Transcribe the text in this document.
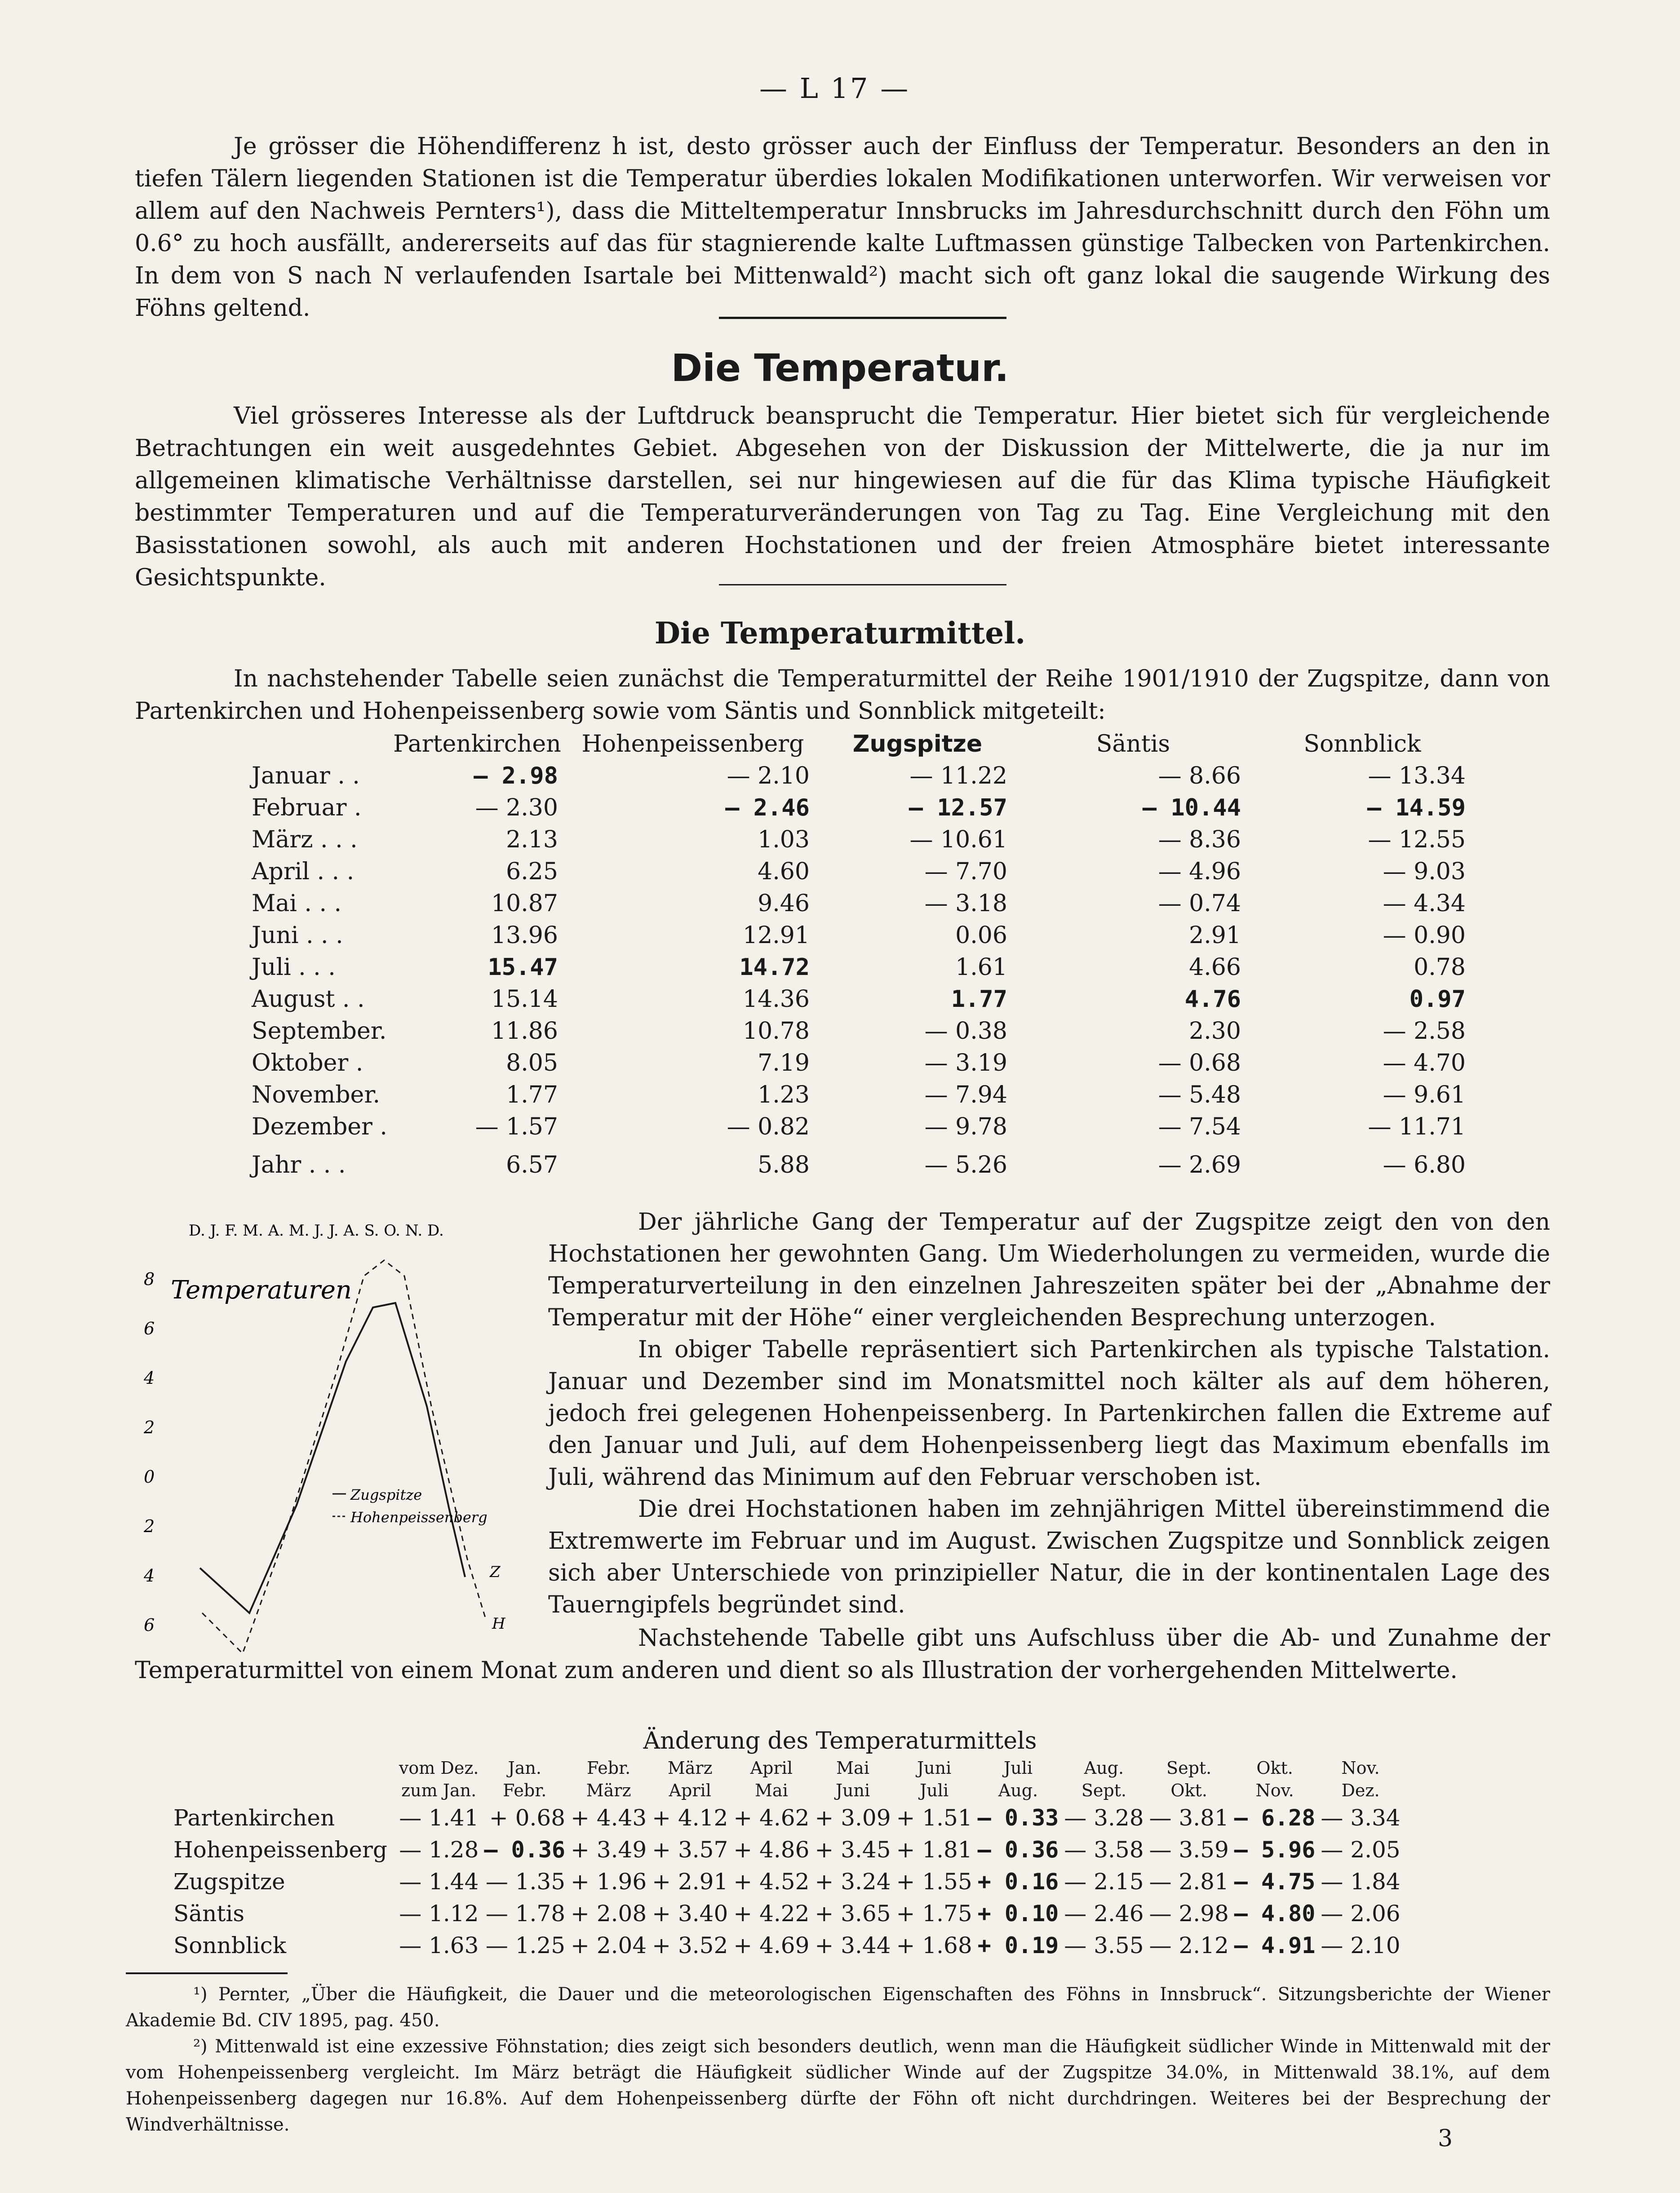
— L 17 —

Je grösser die Höhendifferenz h ist, desto grösser auch der Einfluss der Temperatur. Besonders an den in tiefen Tälern liegenden Stationen ist die Temperatur überdies lokalen Modifikationen unterworfen. Wir verweisen vor allem auf den Nachweis Pernters¹), dass die Mitteltemperatur Innsbrucks im Jahresdurchschnitt durch den Föhn um 0.6° zu hoch ausfällt, andererseits auf das für stagnierende kalte Luftmassen günstige Talbecken von Partenkirchen. In dem von S nach N verlaufenden Isartale bei Mittenwald²) macht sich oft ganz lokal die saugende Wirkung des Föhns geltend.

Die Temperatur.

Viel grösseres Interesse als der Luftdruck beansprucht die Temperatur. Hier bietet sich für vergleichende Betrachtungen ein weit ausgedehntes Gebiet. Abgesehen von der Diskussion der Mittelwerte, die ja nur im allgemeinen klimatische Verhältnisse darstellen, sei nur hingewiesen auf die für das Klima typische Häufigkeit bestimmter Temperaturen und auf die Temperaturveränderungen von Tag zu Tag. Eine Vergleichung mit den Basisstationen sowohl, als auch mit anderen Hochstationen und der freien Atmosphäre bietet interessante Gesichtspunkte.

Die Temperaturmittel.

In nachstehender Tabelle seien zunächst die Temperaturmittel der Reihe 1901/1910 der Zugspitze, dann von Partenkirchen und Hohenpeissenberg sowie vom Säntis und Sonnblick mitgeteilt:

	Partenkirchen	Hohenpeissenberg	Zugspitze	Säntis	Sonnblick
Januar . .	— 2.98	— 2.10	— 11.22	— 8.66	— 13.34
Februar .	— 2.30	— 2.46	— 12.57	— 10.44	— 14.59
März . . .	2.13	1.03	— 10.61	— 8.36	— 12.55
April . . .	6.25	4.60	— 7.70	— 4.96	— 9.03
Mai . . .	10.87	9.46	— 3.18	— 0.74	— 4.34
Juni . . .	13.96	12.91	0.06	2.91	— 0.90
Juli . . .	15.47	14.72	1.61	4.66	0.78
August . .	15.14	14.36	1.77	4.76	0.97
September.	11.86	10.78	— 0.38	2.30	— 2.58
Oktober .	8.05	7.19	— 3.19	— 0.68	— 4.70
November.	1.77	1.23	— 7.94	— 5.48	— 9.61
Dezember .	— 1.57	— 0.82	— 9.78	— 7.54	— 11.71
Jahr . . .	6.57	5.88	— 5.26	— 2.69	— 6.80
D. J. F. M. A. M. J. J. A. S. O. N. D.
Temperaturen
8
6
4
2
0
2
4
6
Zugspitze
Hohenpeissenberg
Z
H

Der jährliche Gang der Temperatur auf der Zugspitze zeigt den von den Hochstationen her gewohnten Gang. Um Wiederholungen zu vermeiden, wurde die Temperaturverteilung in den einzelnen Jahreszeiten später bei der „Abnahme der Temperatur mit der Höhe“ einer vergleichenden Besprechung unterzogen.

In obiger Tabelle repräsentiert sich Partenkirchen als typische Talstation. Januar und Dezember sind im Monatsmittel noch kälter als auf dem höheren, jedoch frei gelegenen Hohenpeissenberg. In Partenkirchen fallen die Extreme auf den Januar und Juli, auf dem Hohenpeissenberg liegt das Maximum ebenfalls im Juli, während das Minimum auf den Februar verschoben ist.

Die drei Hochstationen haben im zehnjährigen Mittel übereinstimmend die Extremwerte im Februar und im August. Zwischen Zugspitze und Sonnblick zeigen sich aber Unterschiede von prinzipieller Natur, die in der kontinentalen Lage des Tauerngipfels begründet sind.

Nachstehende Tabelle gibt uns Aufschluss über die Ab- und Zunahme der Temperaturmittel von einem Monat zum anderen und dient so als Illustration der vorhergehenden Mittelwerte.

Änderung des Temperaturmittels
	vom Dez.	Jan.	Febr.	März	April	Mai	Juni	Juli	Aug.	Sept.	Okt.	Nov.
	zum Jan.	Febr.	März	April	Mai	Juni	Juli	Aug.	Sept.	Okt.	Nov.	Dez.
Partenkirchen	— 1.41	+ 0.68	+ 4.43	+ 4.12	+ 4.62	+ 3.09	+ 1.51	— 0.33	— 3.28	— 3.81	— 6.28	— 3.34
Hohenpeissenberg	— 1.28	— 0.36	+ 3.49	+ 3.57	+ 4.86	+ 3.45	+ 1.81	— 0.36	— 3.58	— 3.59	— 5.96	— 2.05
Zugspitze	— 1.44	— 1.35	+ 1.96	+ 2.91	+ 4.52	+ 3.24	+ 1.55	+ 0.16	— 2.15	— 2.81	— 4.75	— 1.84
Säntis	— 1.12	— 1.78	+ 2.08	+ 3.40	+ 4.22	+ 3.65	+ 1.75	+ 0.10	— 2.46	— 2.98	— 4.80	— 2.06
Sonnblick	— 1.63	— 1.25	+ 2.04	+ 3.52	+ 4.69	+ 3.44	+ 1.68	+ 0.19	— 3.55	— 2.12	— 4.91	— 2.10

¹) Pernter, „Über die Häufigkeit, die Dauer und die meteorologischen Eigenschaften des Föhns in Innsbruck“. Sitzungsberichte der Wiener Akademie Bd. CIV 1895, pag. 450.

²) Mittenwald ist eine exzessive Föhnstation; dies zeigt sich besonders deutlich, wenn man die Häufigkeit südlicher Winde in Mittenwald mit der vom Hohenpeissenberg vergleicht. Im März beträgt die Häufigkeit südlicher Winde auf der Zugspitze 34.0%, in Mittenwald 38.1%, auf dem Hohenpeissenberg dagegen nur 16.8%. Auf dem Hohenpeissenberg dürfte der Föhn oft nicht durchdringen. Weiteres bei der Besprechung der Windverhältnisse.

3
